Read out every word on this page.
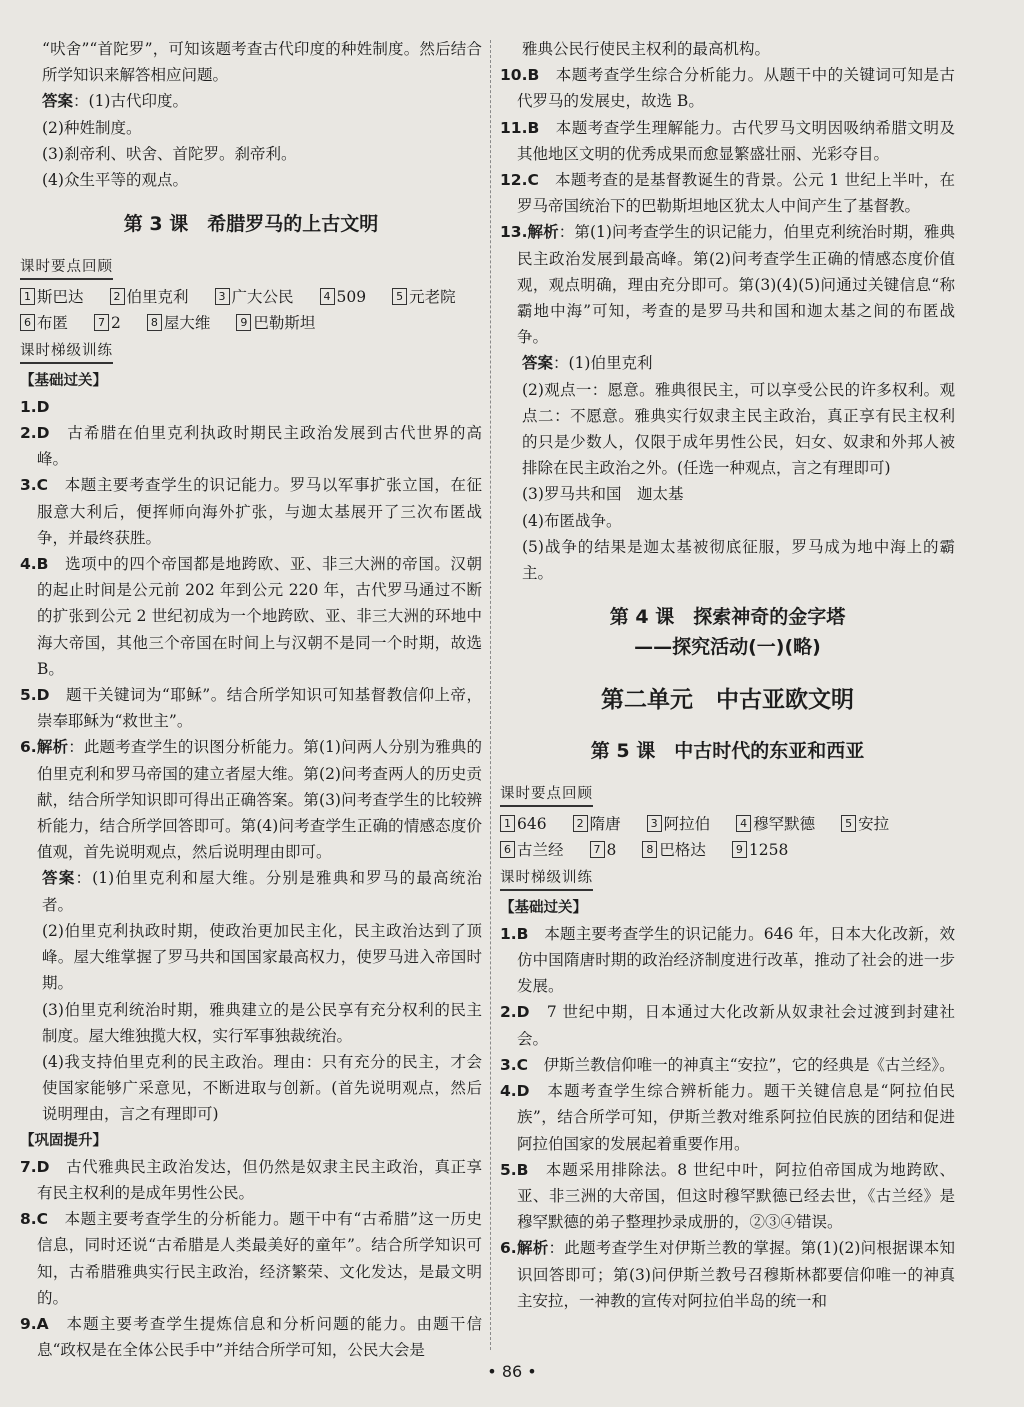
“吠舍”“首陀罗”，可知该题考查古代印度的种姓制度。然后结合所学知识来解答相应问题。

答案：(1)古代印度。

(2)种姓制度。

(3)刹帝利、吠舍、首陀罗。刹帝利。

(4)众生平等的观点。

第 3 课　希腊罗马的上古文明
课时要点回顾
1 斯巴达	2 伯里克利	3 广大公民	4 509	5 元老院
6 布匿	7 2	8 屋大维	9 巴勒斯坦
课时梯级训练
【基础过关】

1.D

2.D　古希腊在伯里克利执政时期民主政治发展到古代世界的高峰。

3.C　本题主要考查学生的识记能力。罗马以军事扩张立国，在征服意大利后，便挥师向海外扩张，与迦太基展开了三次布匿战争，并最终获胜。

4.B　选项中的四个帝国都是地跨欧、亚、非三大洲的帝国。汉朝的起止时间是公元前 202 年到公元 220 年，古代罗马通过不断的扩张到公元 2 世纪初成为一个地跨欧、亚、非三大洲的环地中海大帝国，其他三个帝国在时间上与汉朝不是同一个时期，故选 B。

5.D　题干关键词为“耶稣”。结合所学知识可知基督教信仰上帝，崇奉耶稣为“救世主”。

6.解析：此题考查学生的识图分析能力。第(1)问两人分别为雅典的伯里克利和罗马帝国的建立者屋大维。第(2)问考查两人的历史贡献，结合所学知识即可得出正确答案。第(3)问考查学生的比较辨析能力，结合所学回答即可。第(4)问考查学生正确的情感态度价值观，首先说明观点，然后说明理由即可。

答案：(1)伯里克利和屋大维。分别是雅典和罗马的最高统治者。

(2)伯里克利执政时期，使政治更加民主化，民主政治达到了顶峰。屋大维掌握了罗马共和国国家最高权力，使罗马进入帝国时期。

(3)伯里克利统治时期，雅典建立的是公民享有充分权利的民主制度。屋大维独揽大权，实行军事独裁统治。

(4)我支持伯里克利的民主政治。理由：只有充分的民主，才会使国家能够广采意见，不断进取与创新。(首先说明观点，然后说明理由，言之有理即可)

【巩固提升】

7.D　古代雅典民主政治发达，但仍然是奴隶主民主政治，真正享有民主权利的是成年男性公民。

8.C　本题主要考查学生的分析能力。题干中有“古希腊”这一历史信息，同时还说“古希腊是人类最美好的童年”。结合所学知识可知，古希腊雅典实行民主政治，经济繁荣、文化发达，是最文明的。

9.A　本题主要考查学生提炼信息和分析问题的能力。由题干信息“政权是在全体公民手中”并结合所学可知，公民大会是

雅典公民行使民主权利的最高机构。

10.B　本题考查学生综合分析能力。从题干中的关键词可知是古代罗马的发展史，故选 B。

11.B　本题考查学生理解能力。古代罗马文明因吸纳希腊文明及其他地区文明的优秀成果而愈显繁盛壮丽、光彩夺目。

12.C　本题考查的是基督教诞生的背景。公元 1 世纪上半叶，在罗马帝国统治下的巴勒斯坦地区犹太人中间产生了基督教。

13.解析：第(1)问考查学生的识记能力，伯里克利统治时期，雅典民主政治发展到最高峰。第(2)问考查学生正确的情感态度价值观，观点明确，理由充分即可。第(3)(4)(5)问通过关键信息“称霸地中海”可知，考查的是罗马共和国和迦太基之间的布匿战争。

答案：(1)伯里克利

(2)观点一：愿意。雅典很民主，可以享受公民的许多权利。观点二：不愿意。雅典实行奴隶主民主政治，真正享有民主权利的只是少数人，仅限于成年男性公民，妇女、奴隶和外邦人被排除在民主政治之外。(任选一种观点，言之有理即可)

(3)罗马共和国　迦太基

(4)布匿战争。

(5)战争的结果是迦太基被彻底征服，罗马成为地中海上的霸主。

第 4 课　探索神奇的金字塔
——探究活动(一)(略)
第二单元　中古亚欧文明
第 5 课　中古时代的东亚和西亚
课时要点回顾
1 646	2 隋唐	3 阿拉伯	4 穆罕默德	5 安拉
6 古兰经	7 8	8 巴格达	9 1258
课时梯级训练
【基础过关】

1.B　本题主要考查学生的识记能力。646 年，日本大化改新，效仿中国隋唐时期的政治经济制度进行改革，推动了社会的进一步发展。

2.D　7 世纪中期，日本通过大化改新从奴隶社会过渡到封建社会。

3.C　伊斯兰教信仰唯一的神真主“安拉”，它的经典是《古兰经》。

4.D　本题考查学生综合辨析能力。题干关键信息是“阿拉伯民族”，结合所学可知，伊斯兰教对维系阿拉伯民族的团结和促进阿拉伯国家的发展起着重要作用。

5.B　本题采用排除法。8 世纪中叶，阿拉伯帝国成为地跨欧、亚、非三洲的大帝国，但这时穆罕默德已经去世，《古兰经》是穆罕默德的弟子整理抄录成册的，②③④错误。

6.解析：此题考查学生对伊斯兰教的掌握。第(1)(2)问根据课本知识回答即可；第(3)问伊斯兰教号召穆斯林都要信仰唯一的神真主安拉，一神教的宣传对阿拉伯半岛的统一和

• 86 •
